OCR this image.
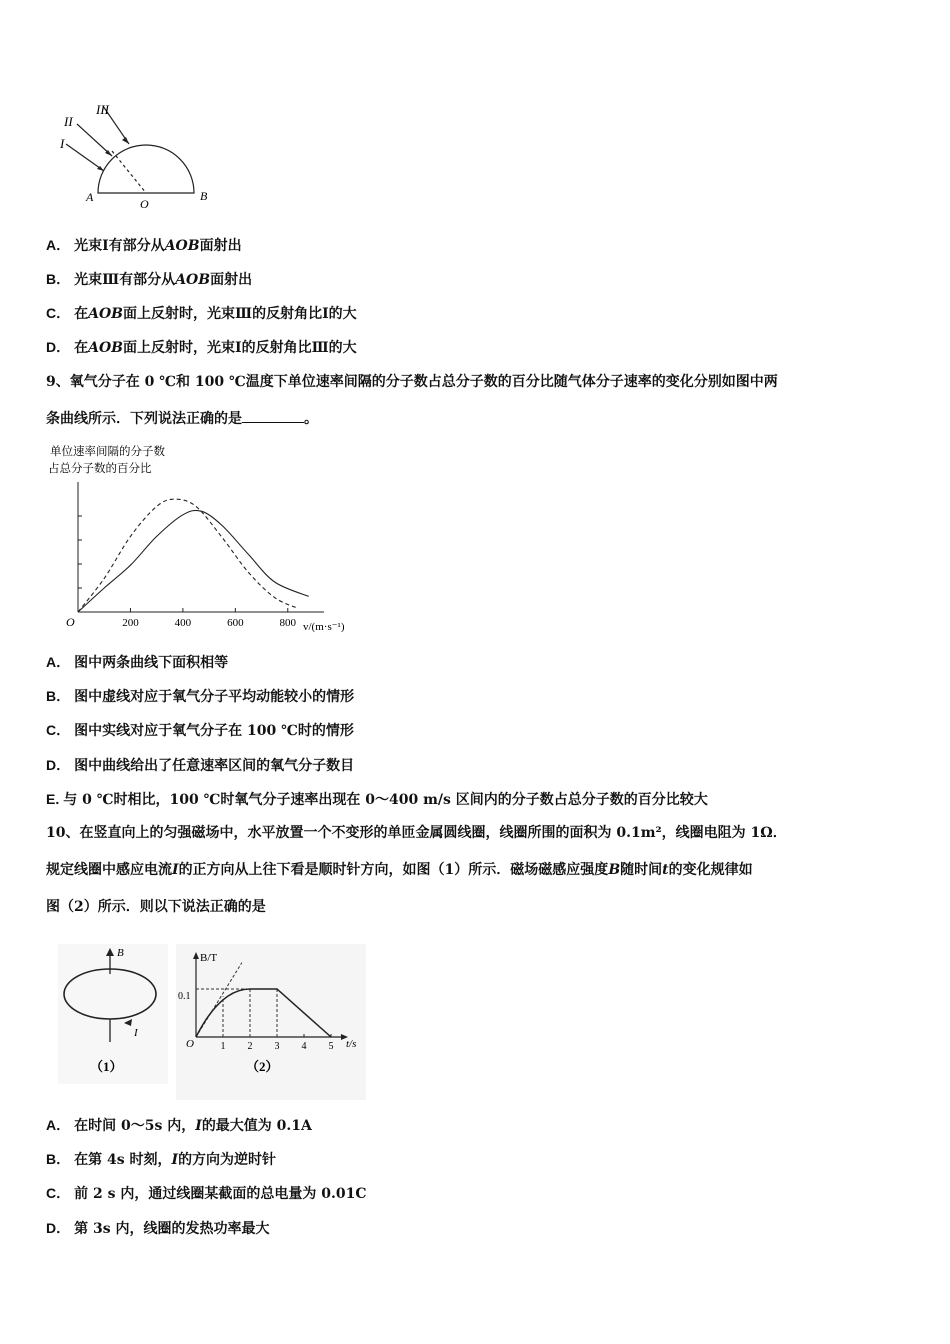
III
II
I
A	O
B
A． 光束Ⅰ有部分从AOB面射出
B． 光束Ⅲ有部分从AOB面射出
C． 在AOB面上反射时，光束Ⅲ的反射角比Ⅰ的大
D． 在AOB面上反射时，光束Ⅰ的反射角比Ⅲ的大
9、氧气分子在 0 ℃和 100 ℃温度下单位速率间隔的分子数占总分子数的百分比随气体分子速率的变化分别如图中两
条曲线所示．下列说法正确的是	。
单位速率间隔的分子数
占总分子数的百分比
200	400	600	800
O	v/(m·s⁻¹)
A． 图中两条曲线下面积相等
B． 图中虚线对应于氧气分子平均动能较小的情形
C． 图中实线对应于氧气分子在 100 ℃时的情形
D． 图中曲线给出了任意速率区间的氧气分子数目
E. 与 0 ℃时相比，100 ℃时氧气分子速率出现在 0～400 m/s 区间内的分子数占总分子数的百分比较大
10、在竖直向上的匀强磁场中，水平放置一个不变形的单匝金属圆线圈，线圈所围的面积为 0.1m²，线圈电阻为 1Ω．
规定线圈中感应电流I的正方向从上往下看是顺时针方向，如图（1）所示．磁场磁感应强度B随时间t的变化规律如
图（2）所示．则以下说法正确的是
B
I
（1）
B/T
t/s
O
0.1
1 2 3 4 5
（2）
A． 在时间 0～5s 内，I的最大值为 0.1A
B． 在第 4s 时刻，I的方向为逆时针
C． 前 2 s 内，通过线圈某截面的总电量为 0.01C
D． 第 3s 内，线圈的发热功率最大
